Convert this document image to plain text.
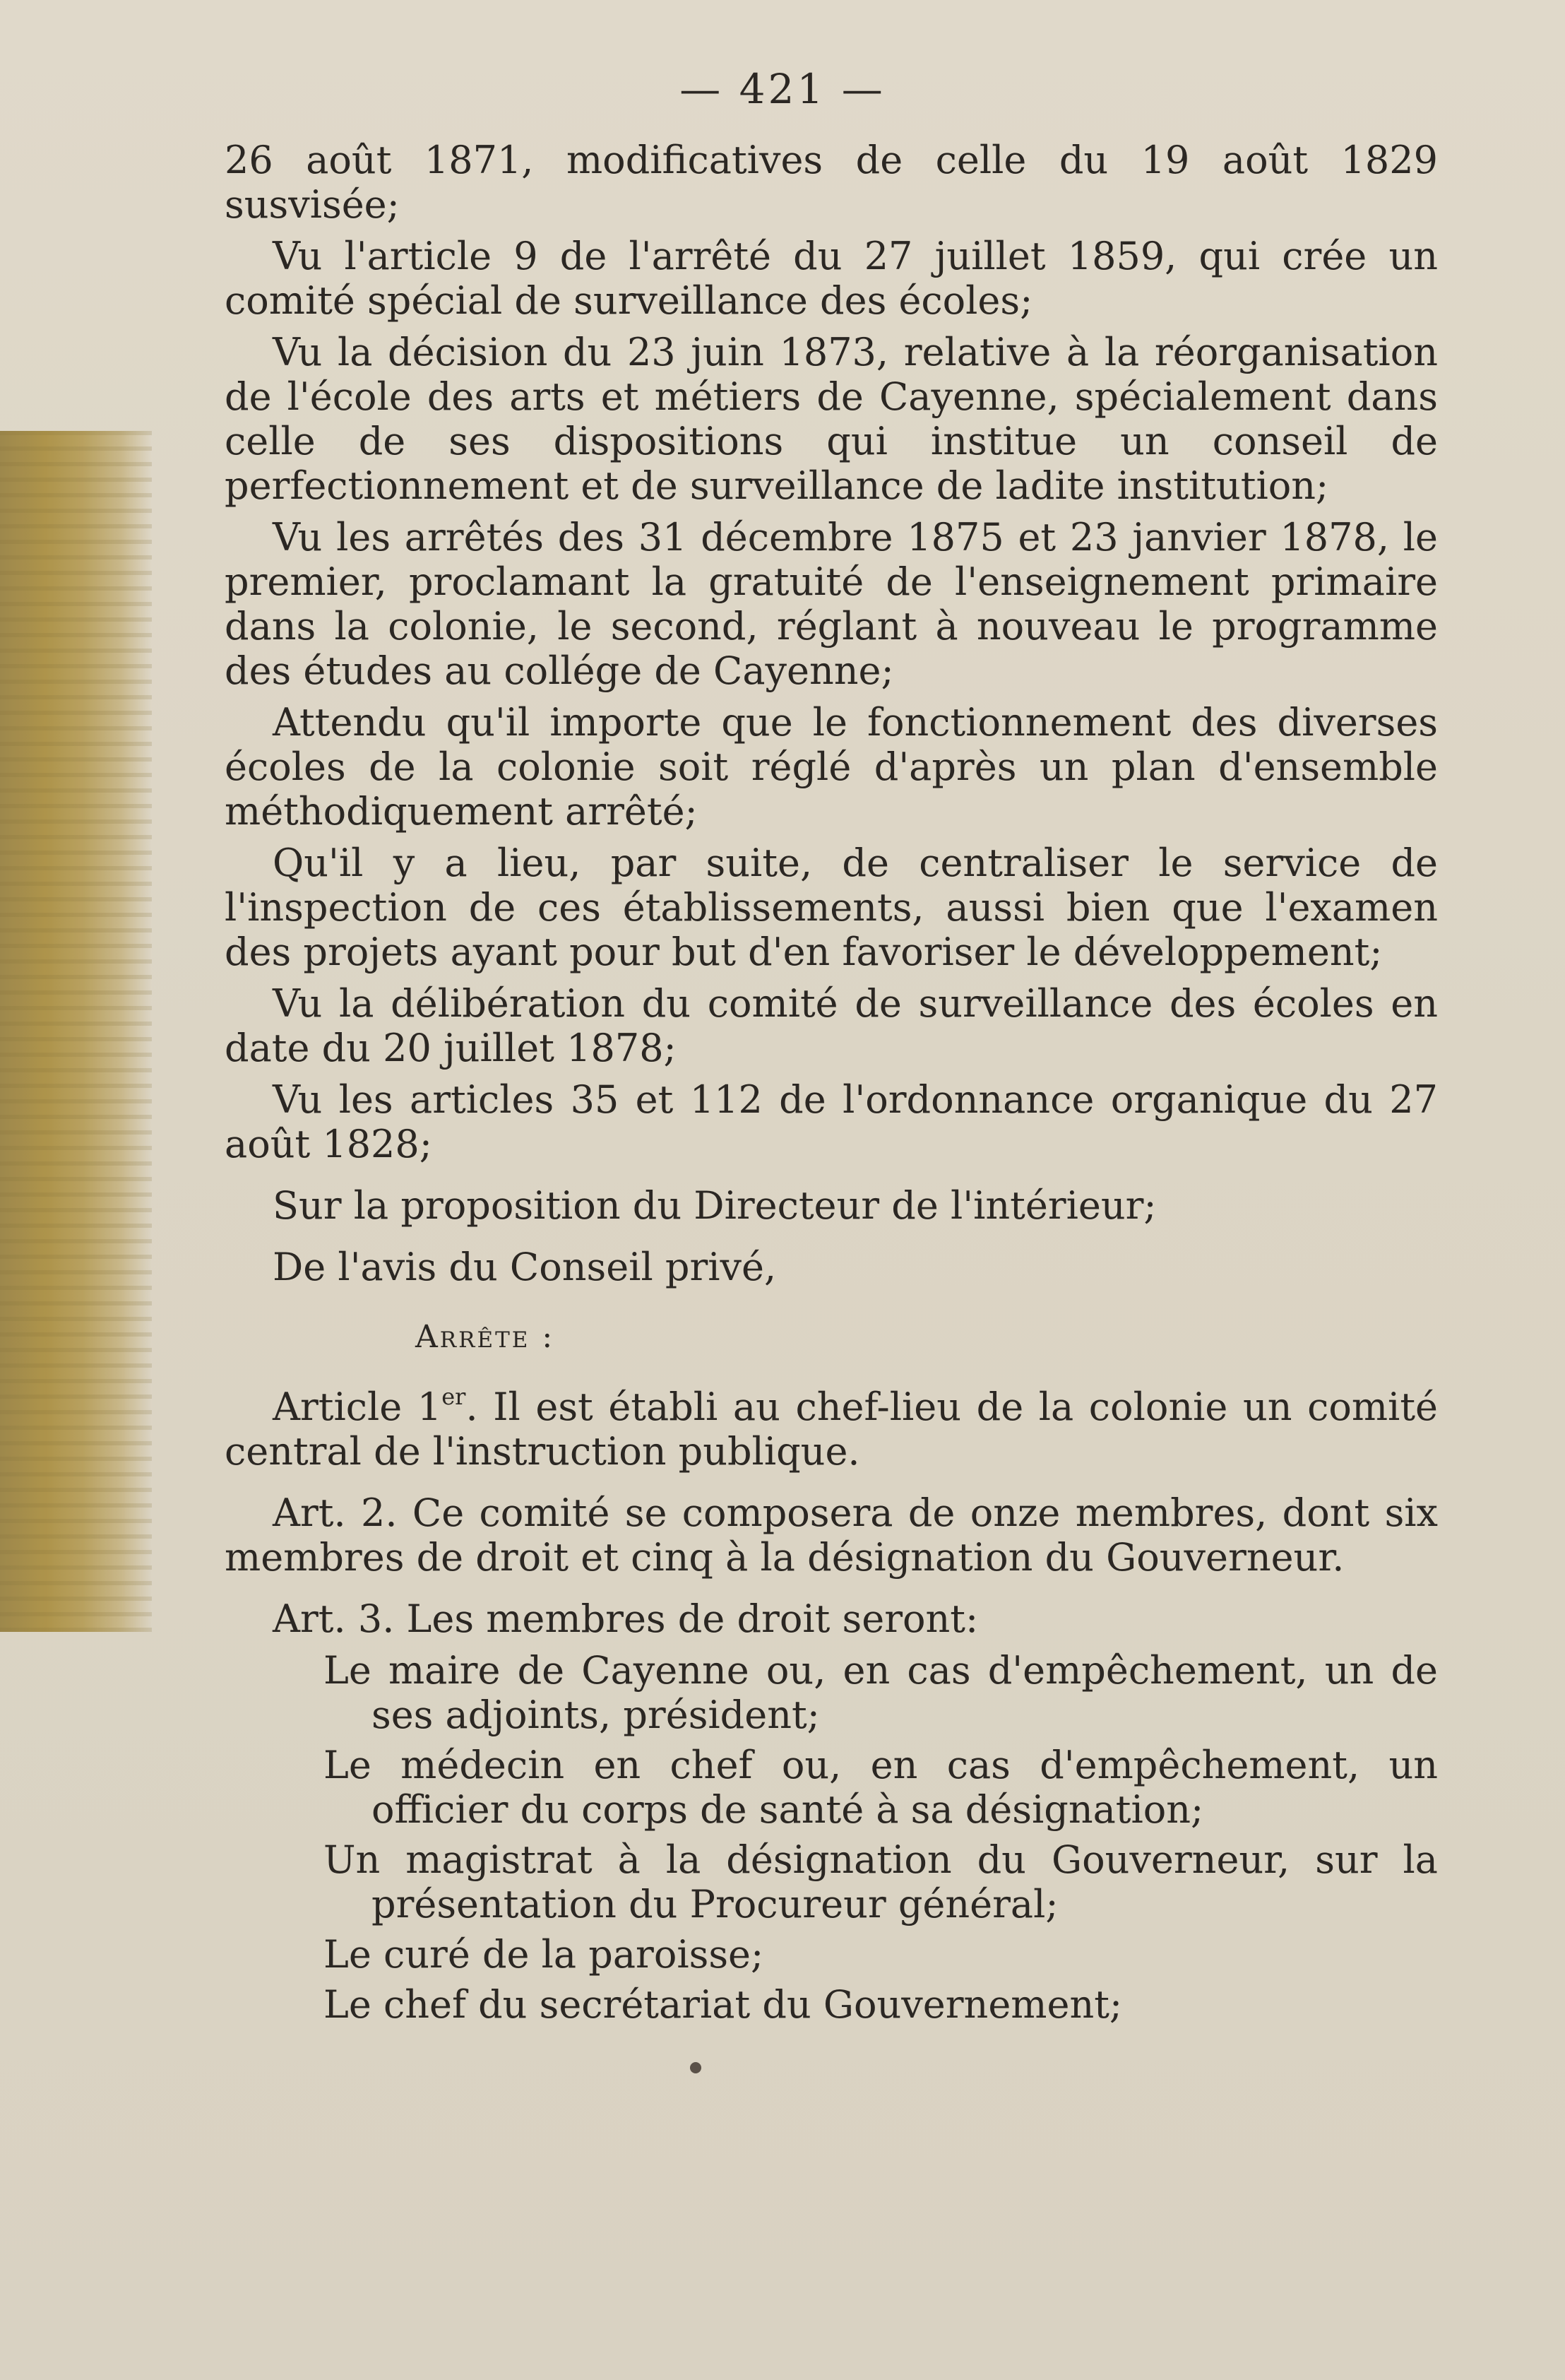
— 421 —

26 août 1871, modificatives de celle du 19 août 1829 susvisée;

Vu l'article 9 de l'arrêté du 27 juillet 1859, qui crée un comité spécial de surveillance des écoles;

Vu la décision du 23 juin 1873, relative à la réorganisation de l'école des arts et métiers de Cayenne, spécialement dans celle de ses dispositions qui institue un conseil de perfectionnement et de surveillance de ladite institution;

Vu les arrêtés des 31 décembre 1875 et 23 janvier 1878, le premier, proclamant la gratuité de l'enseignement primaire dans la colonie, le second, réglant à nouveau le programme des études au collége de Cayenne;

Attendu qu'il importe que le fonctionnement des diverses écoles de la colonie soit réglé d'après un plan d'ensemble méthodiquement arrêté;

Qu'il y a lieu, par suite, de centraliser le service de l'inspection de ces établissements, aussi bien que l'examen des projets ayant pour but d'en favoriser le développement;

Vu la délibération du comité de surveillance des écoles en date du 20 juillet 1878;

Vu les articles 35 et 112 de l'ordonnance organique du 27 août 1828;

Sur la proposition du Directeur de l'intérieur;

De l'avis du Conseil privé,

Arrête :

Article 1er. Il est établi au chef-lieu de la colonie un comité central de l'instruction publique.

Art. 2. Ce comité se composera de onze membres, dont six membres de droit et cinq à la désignation du Gouverneur.

Art. 3. Les membres de droit seront:

Le maire de Cayenne ou, en cas d'empêchement, un de ses adjoints, président;

Le médecin en chef ou, en cas d'empêchement, un officier du corps de santé à sa désignation;

Un magistrat à la désignation du Gouverneur, sur la présentation du Procureur général;

Le curé de la paroisse;

Le chef du secrétariat du Gouvernement;
